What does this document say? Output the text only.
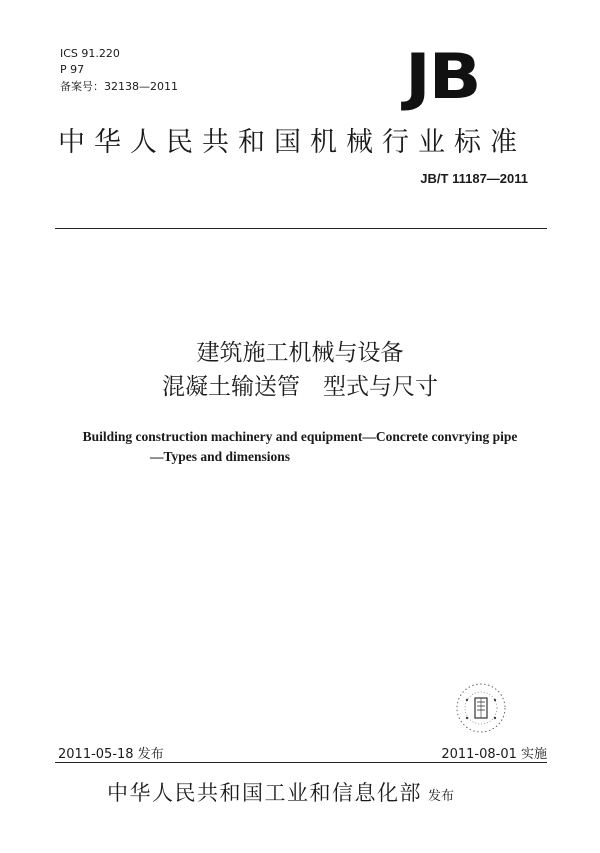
ICS 91.220
P 97
备案号：32138—2011	JB
中华人民共和国机械行业标准
JB/T 11187—2011
建筑施工机械与设备
混凝土输送管　型式与尺寸
Building construction machinery and equipment—Concrete convrying pipe
—Types and dimensions
2011-05-18 发布	2011-08-01 实施
中华人民共和国工业和信息化部 发布
